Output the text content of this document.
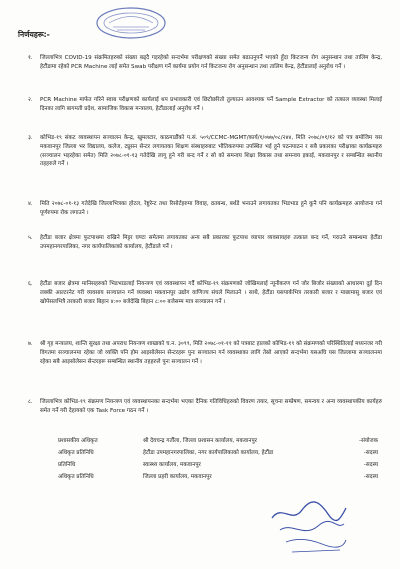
निर्णयहरू:-
१. जिल्लाभित्र COVID-19 संक्रमितहरुको संख्या बढ्दै गइरहेको सन्दर्भमा परीक्षणको संख्या समेत बढाउनुपर्ने भएको हुँदा किटजन्य रोग अनुसन्धान तथा तालिम केन्द्र, हेटौंडामा रहेको PCR Machine लाई समेत Swab परीक्षण गर्ने कार्यमा प्रयोग गर्न किटजन्य रोग अनुसन्धान तथा तालिम केन्द्र, हेटौंडालाई अनुरोध गर्ने ।
२. PCR Machine मार्फत गरिने स्वाब परीक्षणको कार्यलाई थप प्रभावकारी एवं छिटोछरितो तुल्याउन आवश्यक पर्ने Sample Extractor को तत्काल व्यवस्था मिलाई दिनका लागि बागमती प्रदेश, सामाजिक विकास मन्त्रालय, हेटौंडालाई अनुरोध गर्ने ।
३. कोभिड-१९ संकट व्यवस्थापन सञ्चालन केन्द्र, खुमलटार, काठमाडौंको प.सं. ५०९/CCMC-MGMT/कार्य/१/०७७/०८/२४४, मिति २०७८/०१/१२ को पत्र बमोजिम यस मकवानपुर जिल्ला भर विद्यालय, कलेज, ट्युसन सेन्टर लगायतका शिक्षण संस्थाहरुबाट भौतिकरुपमा उपस्थित भई हुने पठनपाठन र सबै प्रकारका परीक्षाका कार्यक्रमहरु (सञ्चालन भइरहेका समेत) मिति २०७८-०१-१३ गतेदेखि लागू हुने गरी बन्द गर्ने र सो को समन्वय शिक्षा विकास तथा समन्वय इकाई, मकवानपुर र सम्बन्धित स्थानीय तहहरुले गर्ने ।
४. मिति २०७८-०१-१३ गतेदेखि जिल्लाभित्रका होटल, रेष्टुरेन्ट तथा रिसोर्टहरुमा विवाह, व्रतबन्ध, बर्थडे भनाउने लगायतका भिडभाड हुने कुनै पनि कार्यक्रमहरु आयोजना गर्न पूर्णरुपमा रोक लगाउने ।
५. हेटौंडा बजार क्षेत्रमा फुटपाथमा राखिने मिट्टर घण्टा समेतमा लगायतका अन्य सबै प्रकारका फुटपाथ व्यापार व्यवसायहरु तत्काल बन्द गर्ने, गराउने सम्बन्धमा हेटौंडा उपमहानगरपालिका, नगर कार्यपालिकाको कार्यालय, हेटौंडाले गर्ने ।
६. हेटौंडा बजार क्षेत्रमा मानिसहरुको भिडभाडलाई नियन्त्रण एवं व्यवस्थापन गर्दै कोभिड-१९ संक्रमणको जोखिमलाई न्यूनीकरण गर्न जोर बिजोर संख्याको आधारमा दुई दिन लक्की आल्टरनेट गरी व्यवसाय सञ्चालन गर्ने व्यवस्था मकवानपुर उद्योग वाणिज्य संघले मिलाउने । साथै, हेटौंडा यसपार्कभित्र तरकारी बजार र माछामासु बजार एवं खोपेसलभित्रै तरकारी बजार बिहान ४:०० बजेदेखि बिहान ८:०० बजेसम्म मात्र सञ्चालन गर्ने ।
७. श्री गृह मन्त्रालय, शान्ति सुरक्षा तथा अपराध नियन्त्रण शाखाको च.न. ३०९९, मिति २०७८-०१-११ को पत्रबाट हालको कोभिड-१९ को संक्रमणको परिस्थितिलाई मध्यनजर गरी विगतमा सञ्चालनमा रहेका जो व्यक्ति पनि होम आइसोलेसन सेन्टरहरू पुनः सञ्चालन गर्न व्यवस्थाका लागि तेस्रो आएको सन्दर्भमा यसअघि यस जिल्लामा सञ्चालनमा रहेका सबै आइसोलेसन सेन्टरहरू सम्बन्धित स्थानीय तहहरुले पुनः सञ्चालन गर्ने ।
८. जिल्लाभित्र कोभिड-१९ संक्रमण नियन्त्रण एवं व्यवस्थापनका सन्दर्भमा भएका दैनिक गतिविधिहरुको विवरण तयार, सूचना सम्प्रेषण, समन्वय र अन्य व्यवस्थापकीय कार्यहरु समेत गर्ने गरी देहायको एक Task Force गठन गर्ने ।
प्रशासकीय अधिकृत	श्री देवचन्द्र गर्तौला, जिल्ला प्रशासन कार्यालय, मकवानपुर	-संयोजक
अधिकृत प्रतिनिधि	हेटौंडा उपमहानगरपालिका, नगर कार्यपालिकाको कार्यालय, हेटौंडा	-सदस्य
प्रतिनिधि	स्वास्थ्य कार्यालय, मकवानपुर	-सदस्य
अधिकृत प्रतिनिधि	जिल्ला प्रहरी कार्यालय, मकवानपुर	-सदस्य
